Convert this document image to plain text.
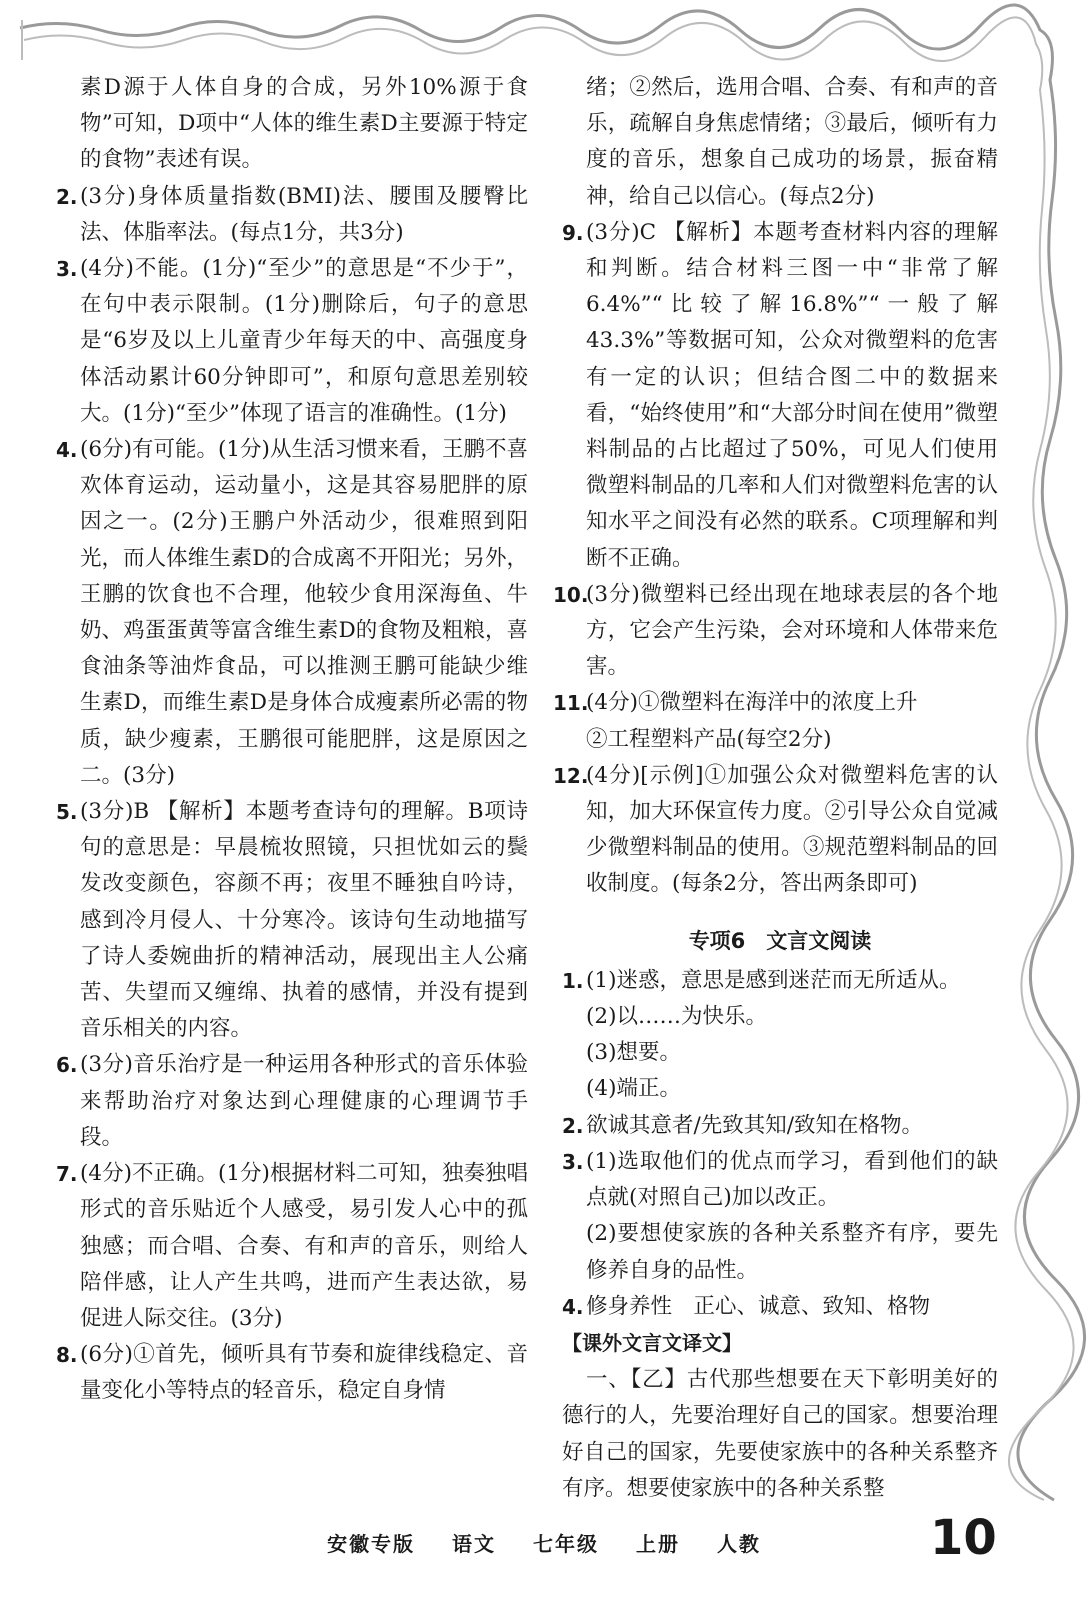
素D源于人体自身的合成，另外10%源于食物”可知，D项中“人体的维生素D主要源于特定的食物”表述有误。
2. (3分)身体质量指数(BMI)法、腰围及腰臀比法、体脂率法。(每点1分，共3分)
3. (4分)不能。(1分)“至少”的意思是“不少于”，在句中表示限制。(1分)删除后，句子的意思是“6岁及以上儿童青少年每天的中、高强度身体活动累计60分钟即可”，和原句意思差别较大。(1分)“至少”体现了语言的准确性。(1分)
4. (6分)有可能。(1分)从生活习惯来看，王鹏不喜欢体育运动，运动量小，这是其容易肥胖的原因之一。(2分)王鹏户外活动少，很难照到阳光，而人体维生素D的合成离不开阳光；另外，王鹏的饮食也不合理，他较少食用深海鱼、牛奶、鸡蛋蛋黄等富含维生素D的食物及粗粮，喜食油条等油炸食品，可以推测王鹏可能缺少维生素D，而维生素D是身体合成瘦素所必需的物质，缺少瘦素，王鹏很可能肥胖，这是原因之二。(3分)
5. (3分)B 【解析】本题考查诗句的理解。B项诗句的意思是：早晨梳妆照镜，只担忧如云的鬓发改变颜色，容颜不再；夜里不睡独自吟诗，感到冷月侵人、十分寒冷。该诗句生动地描写了诗人委婉曲折的精神活动，展现出主人公痛苦、失望而又缠绵、执着的感情，并没有提到音乐相关的内容。
6. (3分)音乐治疗是一种运用各种形式的音乐体验来帮助治疗对象达到心理健康的心理调节手段。
7. (4分)不正确。(1分)根据材料二可知，独奏独唱形式的音乐贴近个人感受，易引发人心中的孤独感；而合唱、合奏、有和声的音乐，则给人陪伴感，让人产生共鸣，进而产生表达欲，易促进人际交往。(3分)
8. (6分)①首先，倾听具有节奏和旋律线稳定、音量变化小等特点的轻音乐，稳定自身情
绪；②然后，选用合唱、合奏、有和声的音乐，疏解自身焦虑情绪；③最后，倾听有力度的音乐，想象自己成功的场景，振奋精神，给自己以信心。(每点2分)
9. (3分)C 【解析】本题考查材料内容的理解和判断。结合材料三图一中“非常了解6.4%”“比较了解16.8%”“一般了解43.3%”等数据可知，公众对微塑料的危害有一定的认识；但结合图二中的数据来看，“始终使用”和“大部分时间在使用”微塑料制品的占比超过了50%，可见人们使用微塑料制品的几率和人们对微塑料危害的认知水平之间没有必然的联系。C项理解和判断不正确。
10.
(3分)微塑料已经出现在地球表层的各个地方，它会产生污染，会对环境和人体带来危害。
11.
(4分)①微塑料在海洋中的浓度上升
②工程塑料产品(每空2分)
12.
(4分)[示例]①加强公众对微塑料危害的认知，加大环保宣传力度。②引导公众自觉减少微塑料制品的使用。③规范塑料制品的回收制度。(每条2分，答出两条即可)
专项6　文言文阅读
1. (1)迷惑，意思是感到迷茫而无所适从。
(2)以……为快乐。
(3)想要。
(4)端正。
2. 欲诚其意者/先致其知/致知在格物。
3. (1)选取他们的优点而学习，看到他们的缺点就(对照自己)加以改正。
(2)要想使家族的各种关系整齐有序，要先修养自身的品性。
4. 修身养性　正心、诚意、致知、格物
【课外文言文译文】
一、【乙】古代那些想要在天下彰明美好的德行的人，先要治理好自己的国家。想要治理好自己的国家，先要使家族中的各种关系整齐有序。想要使家族中的各种关系整
安徽专版 语文 七年级 上册 人教	10
